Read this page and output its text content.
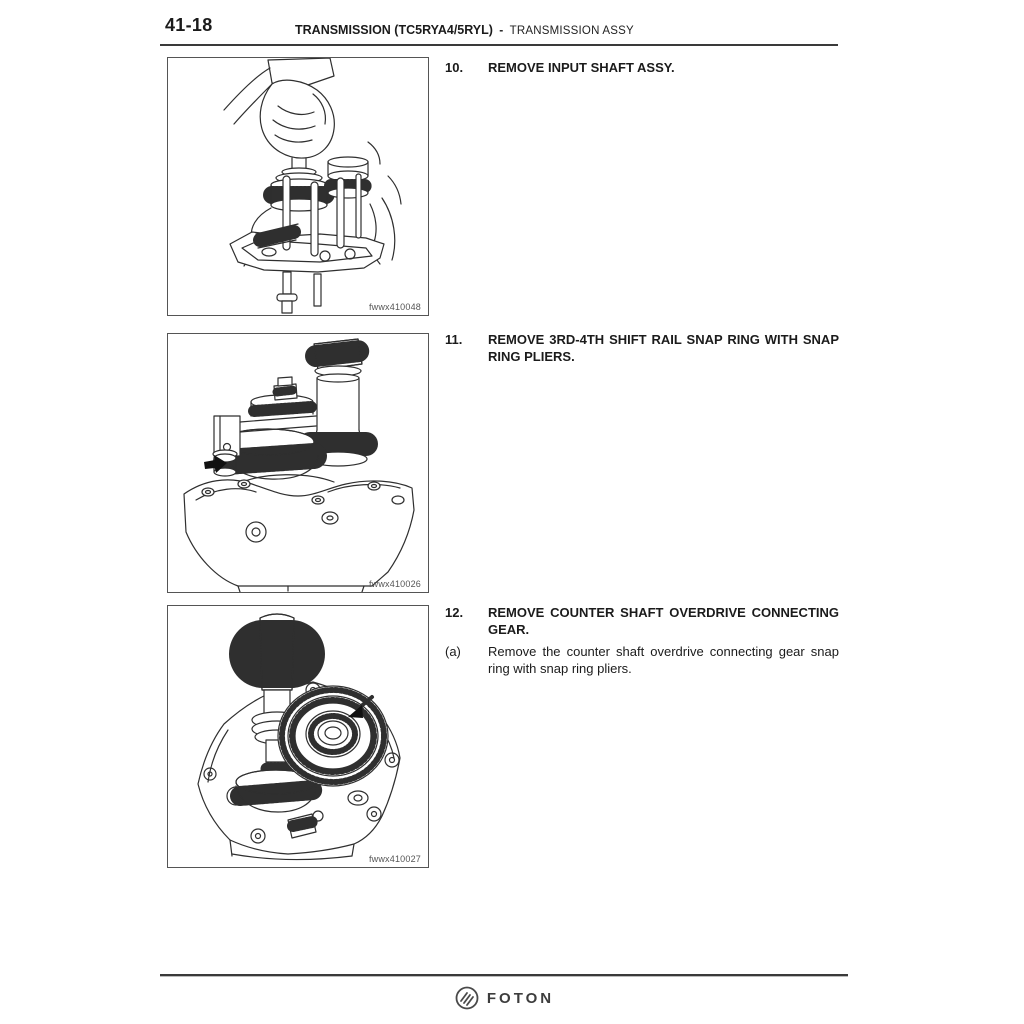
41-18	TRANSMISSION (TC5RYA4/5RYL) - TRANSMISSION ASSY
fwwx410048
fwwx410026
fwwx410027
10.	REMOVE INPUT SHAFT ASSY.
11.	REMOVE 3RD-4TH SHIFT RAIL SNAP RING WITH SNAP RING PLIERS.
12.	REMOVE COUNTER SHAFT OVERDRIVE CONNECTING GEAR.
(a)	Remove the counter shaft overdrive connecting gear snap ring with snap ring pliers.
FOTON
